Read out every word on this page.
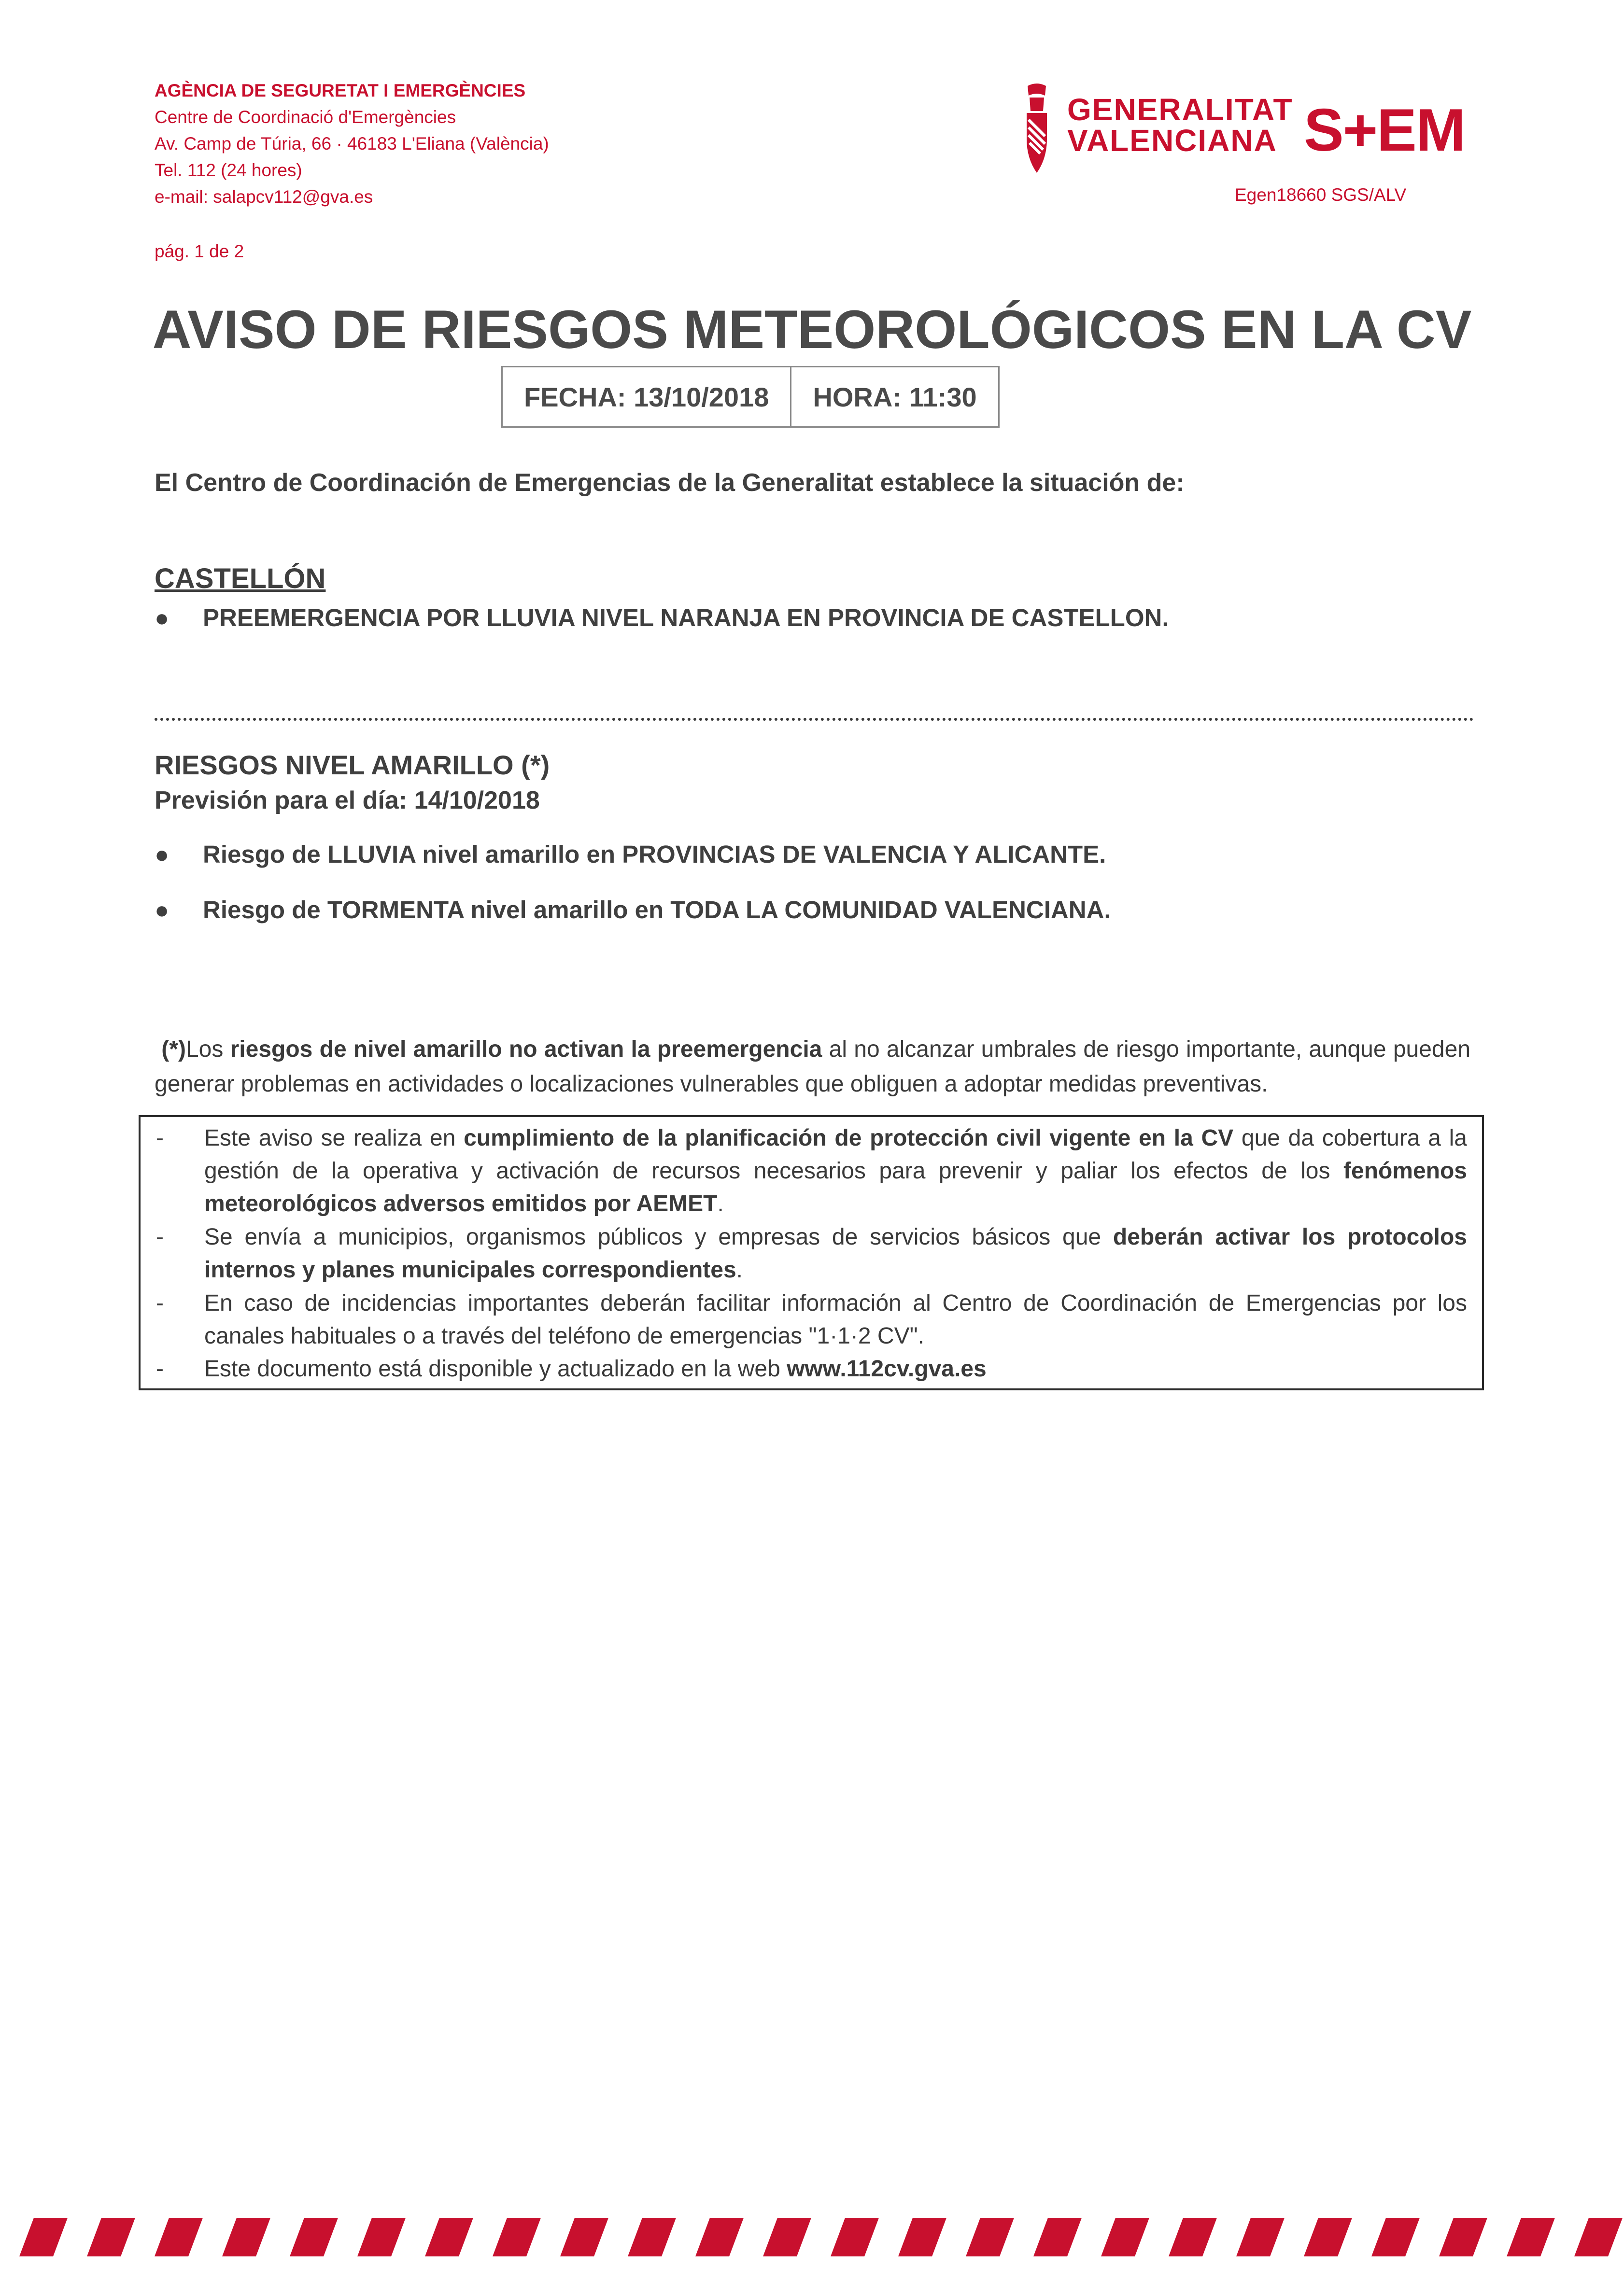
AGÈNCIA DE SEGURETAT I EMERGÈNCIES
Centre de Coordinació d'Emergències
Av. Camp de Túria, 66 · 46183 L'Eliana (València)
Tel. 112 (24 hores)
e-mail: salapcv112@gva.es
GENERALITAT
VALENCIANA S+EM
Egen18660 SGS/ALV
pág. 1 de 2
AVISO DE RIESGOS METEOROLÓGICOS EN LA CV
FECHA: 13/10/2018	HORA: 11:30
El Centro de Coordinación de Emergencias de la Generalitat establece la situación de:
CASTELLÓN
●	PREEMERGENCIA POR LLUVIA NIVEL NARANJA EN PROVINCIA DE CASTELLON.
RIESGOS NIVEL AMARILLO (*)
Previsión para el día: 14/10/2018
●	Riesgo de LLUVIA nivel amarillo en PROVINCIAS DE VALENCIA Y ALICANTE.
●	Riesgo de TORMENTA nivel amarillo en TODA LA COMUNIDAD VALENCIANA.
(*)Los riesgos de nivel amarillo no activan la preemergencia al no alcanzar umbrales de riesgo importante, aunque pueden generar problemas en actividades o localizaciones vulnerables que obliguen a adoptar medidas preventivas.
-	Este aviso se realiza en cumplimiento de la planificación de protección civil vigente en la CV que da cobertura a la gestión de la operativa y activación de recursos necesarios para prevenir y paliar los efectos de los fenómenos meteorológicos adversos emitidos por AEMET.
-	Se envía a municipios, organismos públicos y empresas de servicios básicos que deberán activar los protocolos internos y planes municipales correspondientes.
-	En caso de incidencias importantes deberán facilitar información al Centro de Coordinación de Emergencias por los canales habituales o a través del teléfono de emergencias "1·1·2 CV".
-	Este documento está disponible y actualizado en la web www.112cv.gva.es
